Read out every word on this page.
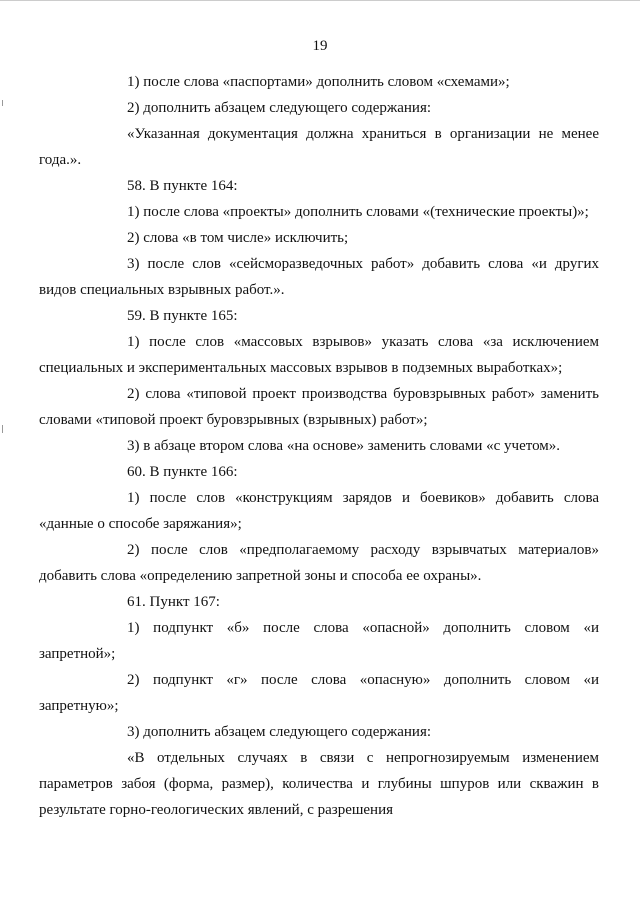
19

1) после слова «паспортами» дополнить словом «схемами»;

2) дополнить абзацем следующего содержания:

«Указанная документация должна храниться в организации не менее года.».

58. В пункте 164:

1) после слова «проекты» дополнить словами «(технические проекты)»;

2) слова «в том числе» исключить;

3) после слов «сейсморазведочных работ» добавить слова «и других видов специальных взрывных работ.».

59. В пункте 165:

1) после слов «массовых взрывов» указать слова «за исключением специальных и экспериментальных массовых взрывов в подземных выработках»;

2) слова «типовой проект производства буровзрывных работ» заменить словами «типовой проект буровзрывных (взрывных) работ»;

3) в абзаце втором слова «на основе» заменить словами «с учетом».

60. В пункте 166:

1) после слов «конструкциям зарядов и боевиков» добавить слова «данные о способе заряжания»;

2) после слов «предполагаемому расходу взрывчатых материалов» добавить слова «определению запретной зоны и способа ее охраны».

61. Пункт 167:

1) подпункт «б» после слова «опасной» дополнить словом «и запретной»;

2) подпункт «г» после слова «опасную» дополнить словом «и запретную»;

3) дополнить абзацем следующего содержания:

«В отдельных случаях в связи с непрогнозируемым изменением параметров забоя (форма, размер), количества и глубины шпуров или скважин в результате горно-геологических явлений, с разрешения
